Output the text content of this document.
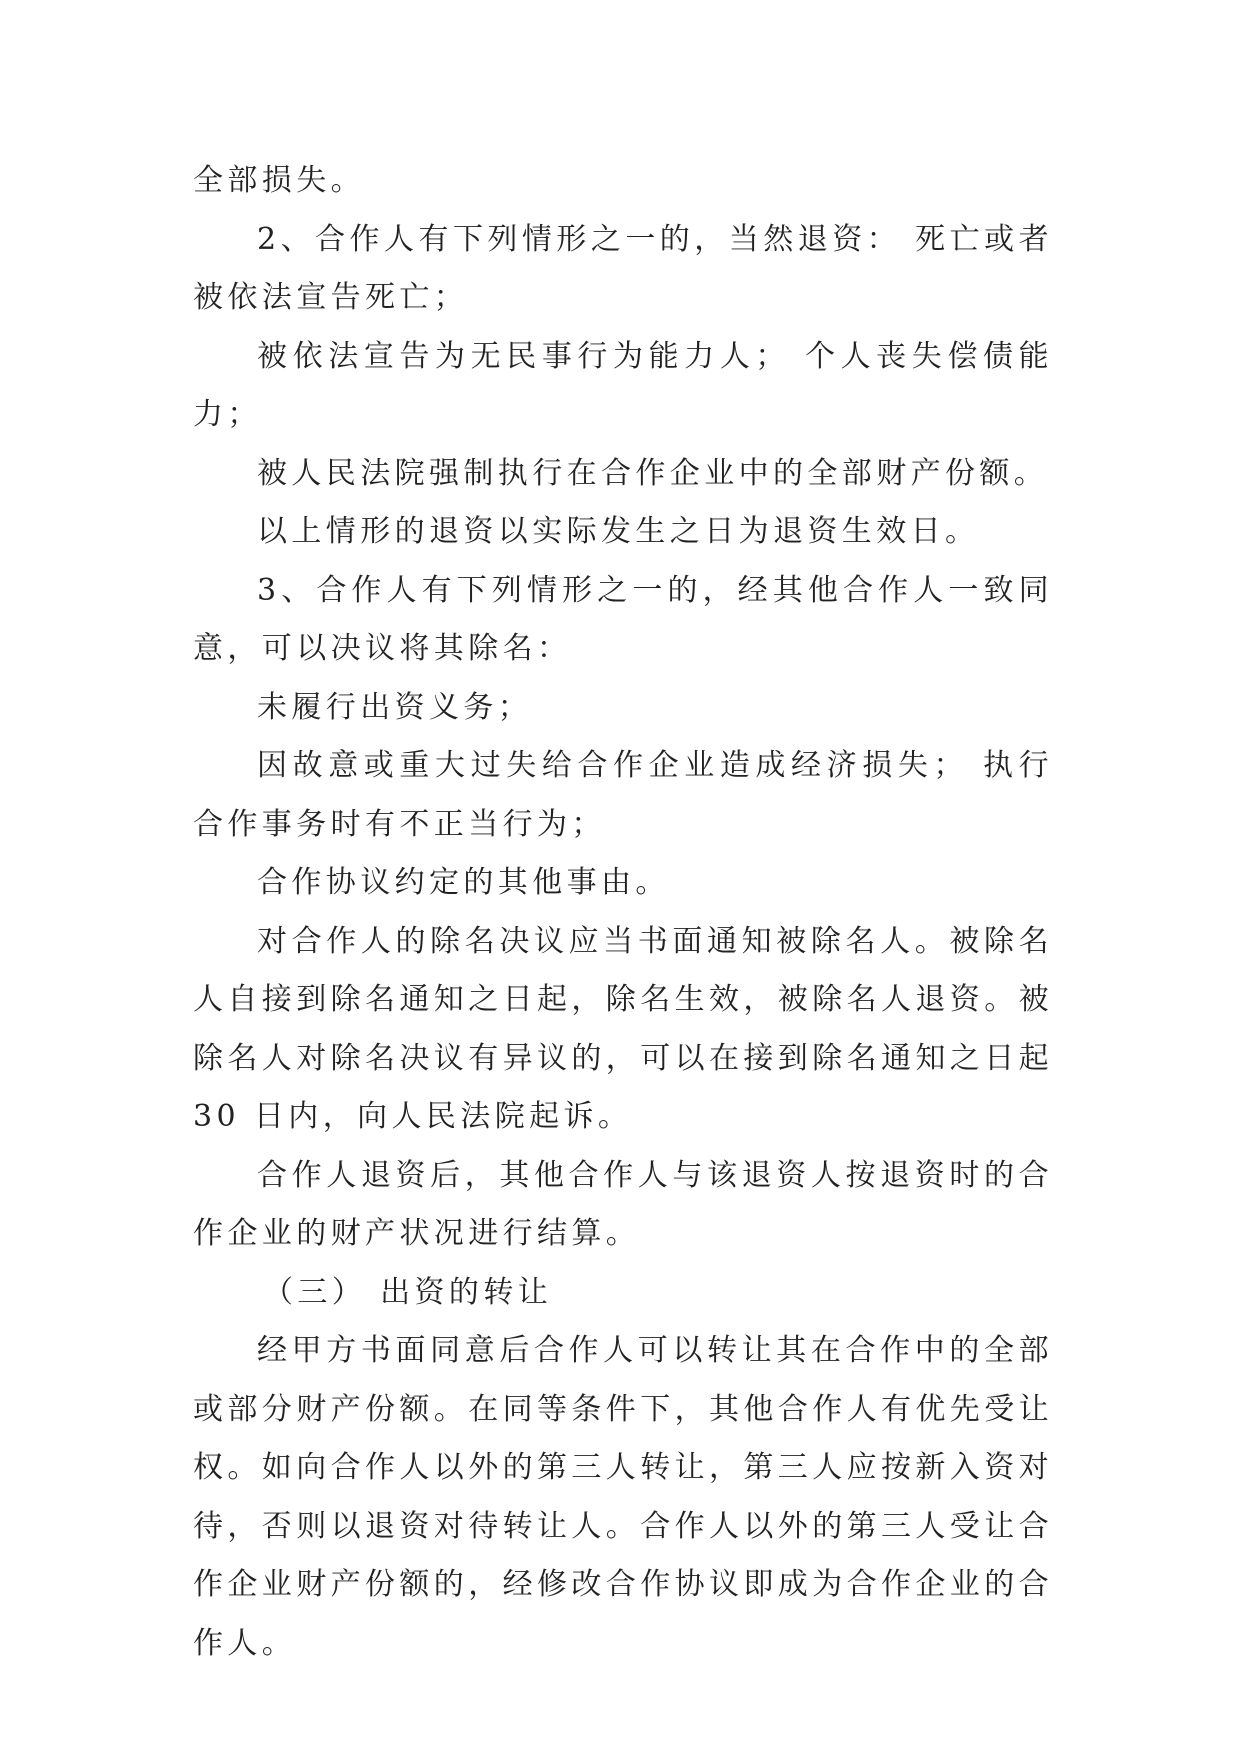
全部损失。

2、合作人有下列情形之一的，当然退资： 死亡或者被依法宣告死亡；

被依法宣告为无民事行为能力人； 个人丧失偿债能力；

被人民法院强制执行在合作企业中的全部财产份额。

以上情形的退资以实际发生之日为退资生效日。

3、合作人有下列情形之一的，经其他合作人一致同意，可以决议将其除名：

未履行出资义务；

因故意或重大过失给合作企业造成经济损失； 执行合作事务时有不正当行为；

合作协议约定的其他事由。

对合作人的除名决议应当书面通知被除名人。被除名人自接到除名通知之日起，除名生效，被除名人退资。被除名人对除名决议有异议的，可以在接到除名通知之日起 30 日内，向人民法院起诉。

合作人退资后，其他合作人与该退资人按退资时的合作企业的财产状况进行结算。

（三） 出资的转让

经甲方书面同意后合作人可以转让其在合作中的全部或部分财产份额。在同等条件下，其他合作人有优先受让权。如向合作人以外的第三人转让，第三人应按新入资对待，否则以退资对待转让人。合作人以外的第三人受让合作企业财产份额的，经修改合作协议即成为合作企业的合作人。
